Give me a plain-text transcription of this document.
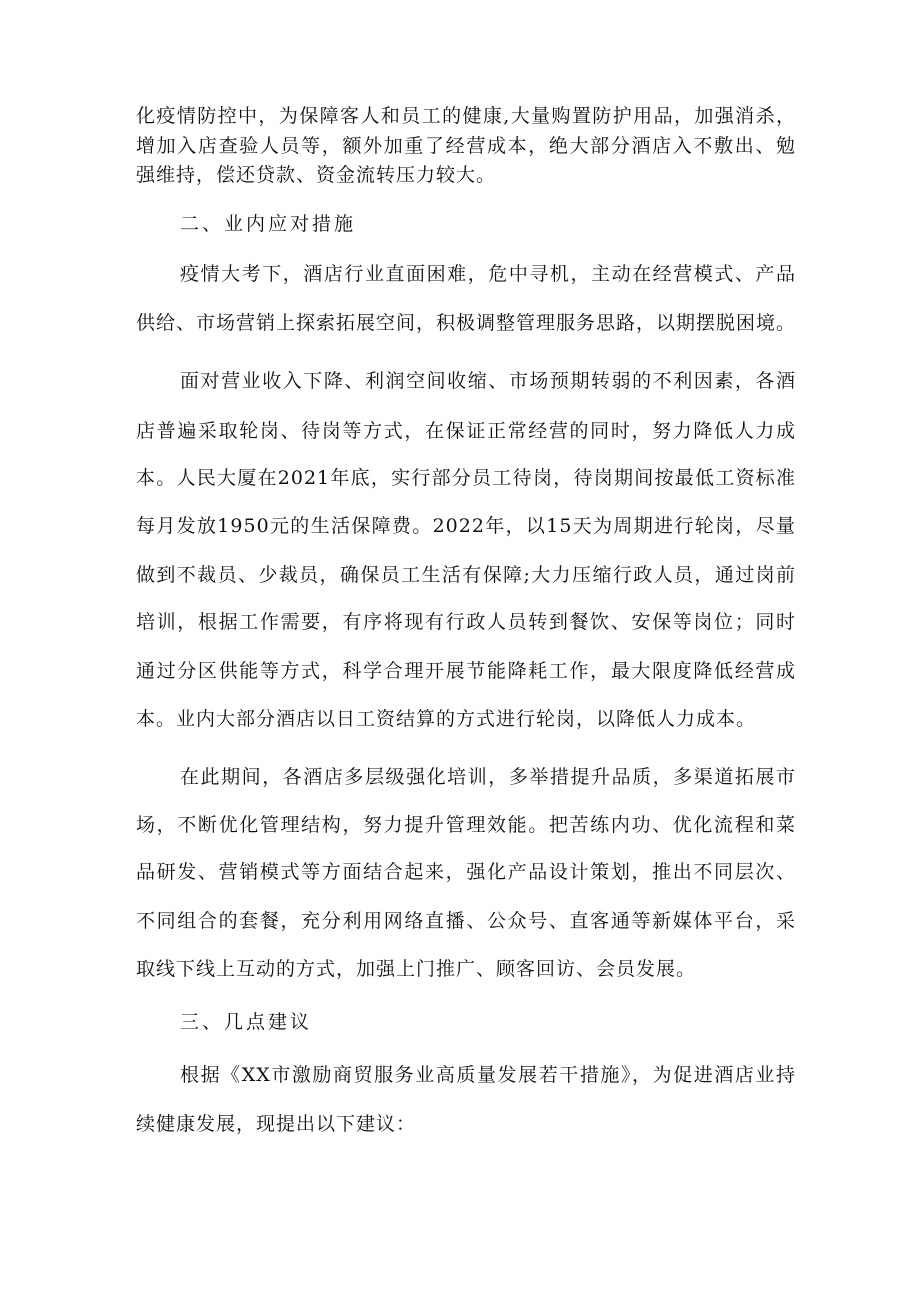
化疫情防控中，为保障客人和员工的健康,大量购置防护用品，加强消杀，
增加入店查验人员等，额外加重了经营成本，绝大部分酒店入不敷出、勉
强维持，偿还贷款、资金流转压力较大。
二、业内应对措施
疫情大考下，酒店行业直面困难，危中寻机，主动在经营模式、产品
供给、市场营销上探索拓展空间，积极调整管理服务思路，以期摆脱困境。
面对营业收入下降、利润空间收缩、市场预期转弱的不利因素，各酒
店普遍采取轮岗、待岗等方式，在保证正常经营的同时，努力降低人力成
本。人民大厦在2021年底，实行部分员工待岗，待岗期间按最低工资标准
每月发放1950元的生活保障费。2022年，以15天为周期进行轮岗，尽量
做到不裁员、少裁员，确保员工生活有保障;大力压缩行政人员，通过岗前
培训，根据工作需要，有序将现有行政人员转到餐饮、安保等岗位；同时
通过分区供能等方式，科学合理开展节能降耗工作，最大限度降低经营成
本。业内大部分酒店以日工资结算的方式进行轮岗，以降低人力成本。
在此期间，各酒店多层级强化培训，多举措提升品质，多渠道拓展市
场，不断优化管理结构，努力提升管理效能。把苦练内功、优化流程和菜
品研发、营销模式等方面结合起来，强化产品设计策划，推出不同层次、
不同组合的套餐，充分利用网络直播、公众号、直客通等新媒体平台，采
取线下线上互动的方式，加强上门推广、顾客回访、会员发展。
三、几点建议
根据《XX市激励商贸服务业高质量发展若干措施》，为促进酒店业持
续健康发展，现提出以下建议：
